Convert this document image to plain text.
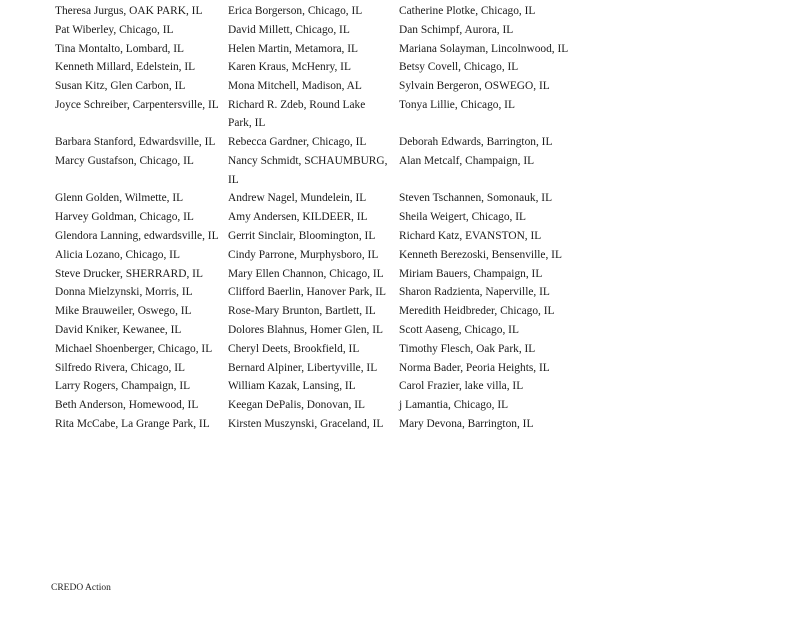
Theresa Jurgus, OAK PARK, IL	Erica Borgerson, Chicago, IL	Catherine Plotke, Chicago, IL
Pat Wiberley, Chicago, IL	David Millett, Chicago, IL	Dan Schimpf, Aurora, IL
Tina Montalto, Lombard, IL	Helen Martin, Metamora, IL	Mariana Solayman, Lincolnwood, IL
Kenneth Millard, Edelstein, IL	Karen Kraus, McHenry, IL	Betsy Covell, Chicago, IL
Susan Kitz, Glen Carbon, IL	Mona Mitchell, Madison, AL	Sylvain Bergeron, OSWEGO, IL
Joyce Schreiber, Carpentersville, IL	Richard R. Zdeb, Round Lake Park, IL	Tonya Lillie, Chicago, IL
Barbara Stanford, Edwardsville, IL	Rebecca Gardner, Chicago, IL	Deborah Edwards, Barrington, IL
Marcy Gustafson, Chicago, IL	Nancy Schmidt, SCHAUMBURG, IL	Alan Metcalf, Champaign, IL
Glenn Golden, Wilmette, IL	Andrew Nagel, Mundelein, IL	Steven Tschannen, Somonauk, IL
Harvey Goldman, Chicago, IL	Amy Andersen, KILDEER, IL	Sheila Weigert, Chicago, IL
Glendora Lanning, edwardsville, IL	Gerrit Sinclair, Bloomington, IL	Richard Katz, EVANSTON, IL
Alicia Lozano, Chicago, IL	Cindy Parrone, Murphysboro, IL	Kenneth Berezoski, Bensenville, IL
Steve Drucker, SHERRARD, IL	Mary Ellen Channon, Chicago, IL	Miriam Bauers, Champaign, IL
Donna Mielzynski, Morris, IL	Clifford Baerlin, Hanover Park, IL	Sharon Radzienta, Naperville, IL
Mike Brauweiler, Oswego, IL	Rose-Mary Brunton, Bartlett, IL	Meredith Heidbreder, Chicago, IL
David Kniker, Kewanee, IL	Dolores Blahnus, Homer Glen, IL	Scott Aaseng, Chicago, IL
Michael Shoenberger, Chicago, IL	Cheryl Deets, Brookfield, IL	Timothy Flesch, Oak Park, IL
Silfredo Rivera, Chicago, IL	Bernard Alpiner, Libertyville, IL	Norma Bader, Peoria Heights, IL
Larry Rogers, Champaign, IL	William Kazak, Lansing, IL	Carol Frazier, lake villa, IL
Beth Anderson, Homewood, IL	Keegan DePalis, Donovan, IL	j Lamantia, Chicago, IL
Rita McCabe, La Grange Park, IL	Kirsten Muszynski, Graceland, IL	Mary Devona, Barrington, IL
CREDO Action
